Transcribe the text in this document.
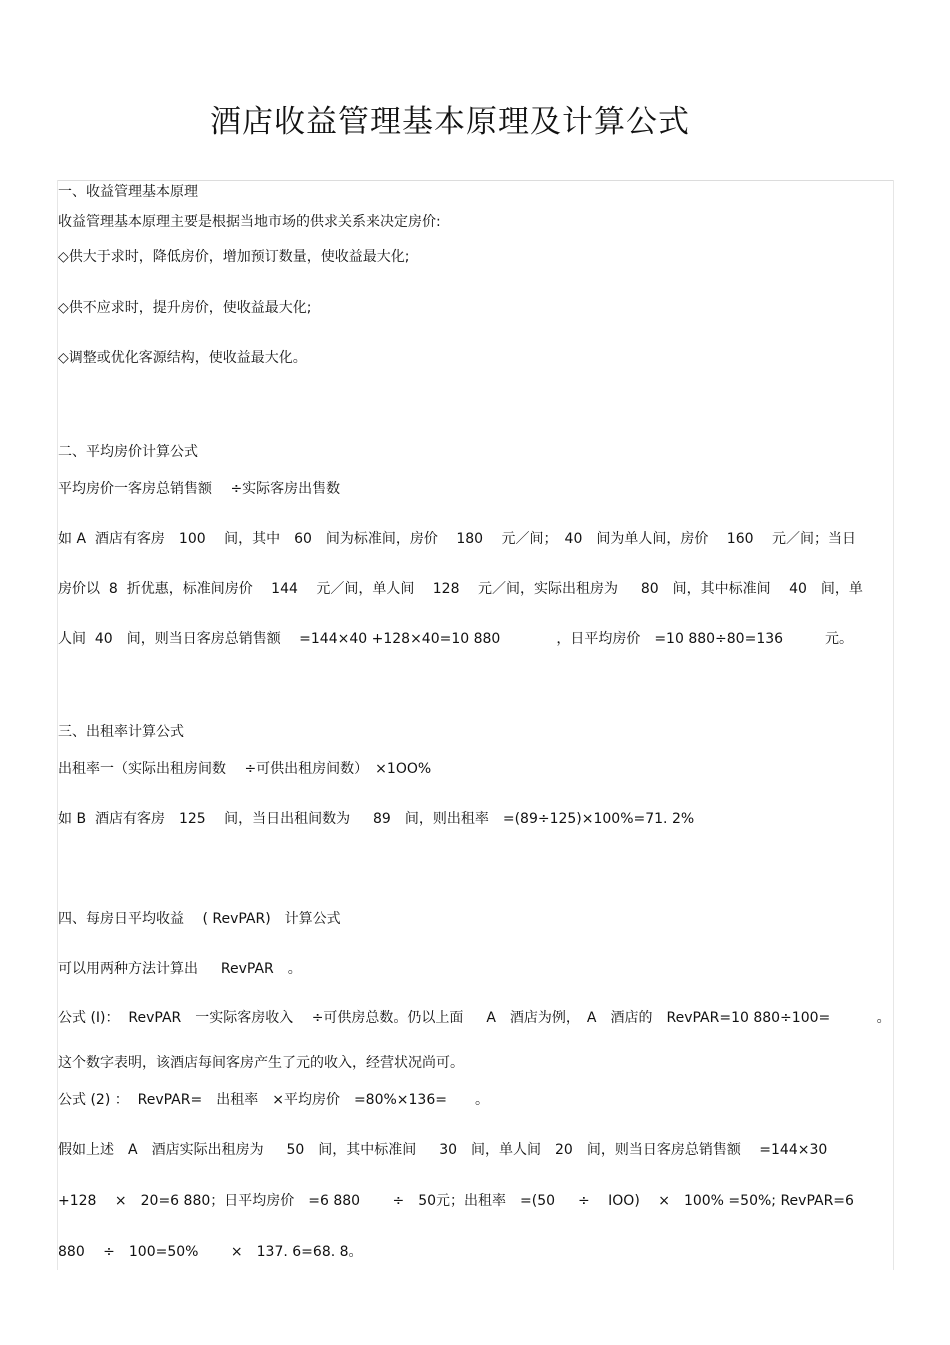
酒店收益管理基本原理及计算公式
一、收益管理基本原理
收益管理基本原理主要是根据当地市场的供求关系来决定房价:
◇供大于求时，降低房价，增加预订数量，使收益最大化;
◇供不应求时，提升房价，使收益最大化;
◇调整或优化客源结构，使收益最大化。
二、平均房价计算公式
平均房价一客房总销售额　 ÷实际客房出售数
如 A  酒店有客房　100　 间，其中　60　间为标准间，房价　 180　 元／间；　40　间为单人间，房价　 160　 元／间；当日
房价以  8  折优惠，标准间房价　 144　 元／间，单人间　 128　 元／间，实际出租房为　  80　间，其中标准间　 40　间，单
人间  40　间，则当日客房总销售额　 =144×40 +128×40=10 880　　　　，日平均房价　=10 880÷80=136　　　元。
三、出租率计算公式
出租率一（实际出租房间数　 ÷可供出租房间数）　×1OO%
如 B  酒店有客房　125　 间，当日出租间数为　  89　间，则出租率　=(89÷125)×100%=71. 2%
四、每房日平均收益　 ( RevPAR)　计算公式
可以用两种方法计算出　  RevPAR　。
公式 (I)：  RevPAR　一实际客房收入　 ÷可供房总数。仍以上面　  A　酒店为例，　A　酒店的　RevPAR=10 880÷100=　　　 。
这个数字表明，该酒店每间客房产生了元的收入，经营状况尚可。
公式 (2) ：  RevPAR=　出租率　×平均房价　=80%×136=　　。
假如上述　A　酒店实际出租房为　  50　间，其中标准间　  30　间，单人间　20　间，则当日客房总销售额　 =144×30
+128　 ×　20=6 880；日平均房价　=6 880　　 ÷　50元；出租率　=(50　  ÷　 IOO)　 ×　100% =50%; RevPAR=6
880　 ÷　100=50%　　 ×　137. 6=68. 8。
